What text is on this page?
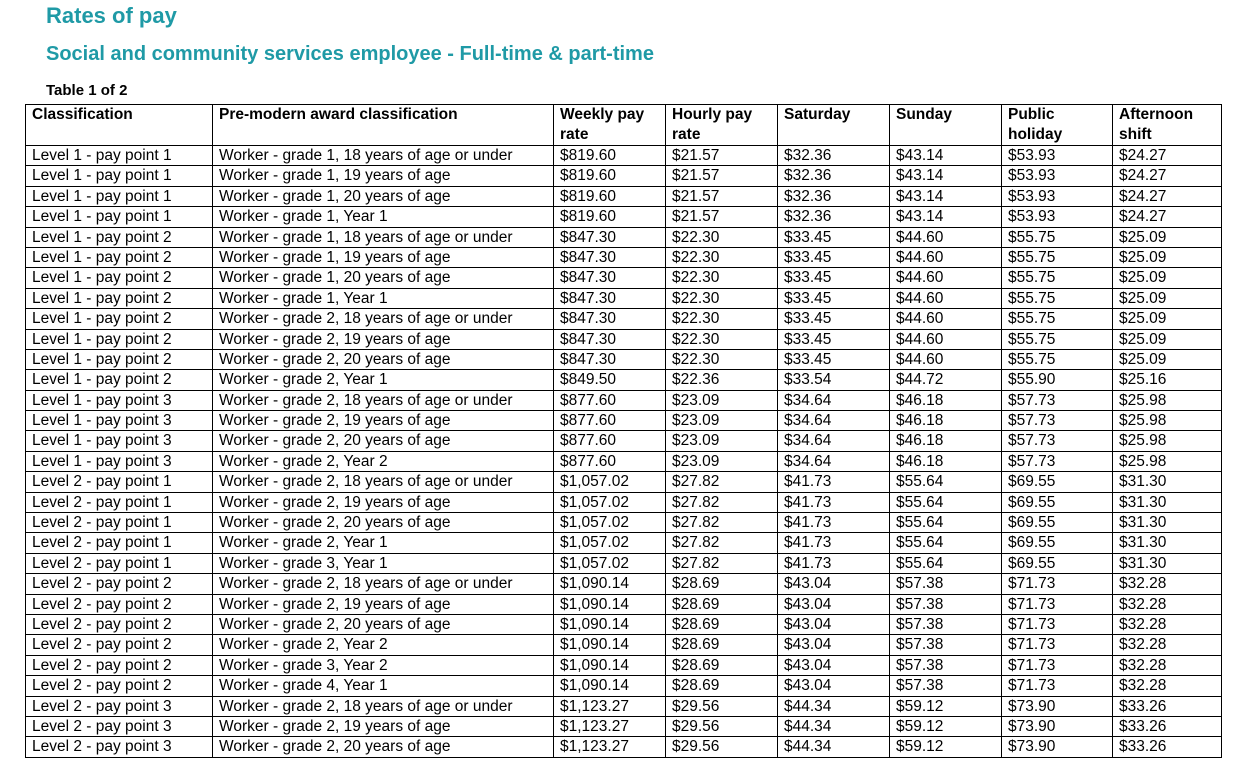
Rates of pay
Social and community services employee - Full-time & part-time
Table 1 of 2
Classification	Pre-modern award classification	Weekly pay rate	Hourly pay rate	Saturday	Sunday	Public holiday	Afternoon shift
Level 1 - pay point 1	Worker - grade 1, 18 years of age or under	$819.60	$21.57	$32.36	$43.14	$53.93	$24.27
Level 1 - pay point 1	Worker - grade 1, 19 years of age	$819.60	$21.57	$32.36	$43.14	$53.93	$24.27
Level 1 - pay point 1	Worker - grade 1, 20 years of age	$819.60	$21.57	$32.36	$43.14	$53.93	$24.27
Level 1 - pay point 1	Worker - grade 1, Year 1	$819.60	$21.57	$32.36	$43.14	$53.93	$24.27
Level 1 - pay point 2	Worker - grade 1, 18 years of age or under	$847.30	$22.30	$33.45	$44.60	$55.75	$25.09
Level 1 - pay point 2	Worker - grade 1, 19 years of age	$847.30	$22.30	$33.45	$44.60	$55.75	$25.09
Level 1 - pay point 2	Worker - grade 1, 20 years of age	$847.30	$22.30	$33.45	$44.60	$55.75	$25.09
Level 1 - pay point 2	Worker - grade 1, Year 1	$847.30	$22.30	$33.45	$44.60	$55.75	$25.09
Level 1 - pay point 2	Worker - grade 2, 18 years of age or under	$847.30	$22.30	$33.45	$44.60	$55.75	$25.09
Level 1 - pay point 2	Worker - grade 2, 19 years of age	$847.30	$22.30	$33.45	$44.60	$55.75	$25.09
Level 1 - pay point 2	Worker - grade 2, 20 years of age	$847.30	$22.30	$33.45	$44.60	$55.75	$25.09
Level 1 - pay point 2	Worker - grade 2, Year 1	$849.50	$22.36	$33.54	$44.72	$55.90	$25.16
Level 1 - pay point 3	Worker - grade 2, 18 years of age or under	$877.60	$23.09	$34.64	$46.18	$57.73	$25.98
Level 1 - pay point 3	Worker - grade 2, 19 years of age	$877.60	$23.09	$34.64	$46.18	$57.73	$25.98
Level 1 - pay point 3	Worker - grade 2, 20 years of age	$877.60	$23.09	$34.64	$46.18	$57.73	$25.98
Level 1 - pay point 3	Worker - grade 2, Year 2	$877.60	$23.09	$34.64	$46.18	$57.73	$25.98
Level 2 - pay point 1	Worker - grade 2, 18 years of age or under	$1,057.02	$27.82	$41.73	$55.64	$69.55	$31.30
Level 2 - pay point 1	Worker - grade 2, 19 years of age	$1,057.02	$27.82	$41.73	$55.64	$69.55	$31.30
Level 2 - pay point 1	Worker - grade 2, 20 years of age	$1,057.02	$27.82	$41.73	$55.64	$69.55	$31.30
Level 2 - pay point 1	Worker - grade 2, Year 1	$1,057.02	$27.82	$41.73	$55.64	$69.55	$31.30
Level 2 - pay point 1	Worker - grade 3, Year 1	$1,057.02	$27.82	$41.73	$55.64	$69.55	$31.30
Level 2 - pay point 2	Worker - grade 2, 18 years of age or under	$1,090.14	$28.69	$43.04	$57.38	$71.73	$32.28
Level 2 - pay point 2	Worker - grade 2, 19 years of age	$1,090.14	$28.69	$43.04	$57.38	$71.73	$32.28
Level 2 - pay point 2	Worker - grade 2, 20 years of age	$1,090.14	$28.69	$43.04	$57.38	$71.73	$32.28
Level 2 - pay point 2	Worker - grade 2, Year 2	$1,090.14	$28.69	$43.04	$57.38	$71.73	$32.28
Level 2 - pay point 2	Worker - grade 3, Year 2	$1,090.14	$28.69	$43.04	$57.38	$71.73	$32.28
Level 2 - pay point 2	Worker - grade 4, Year 1	$1,090.14	$28.69	$43.04	$57.38	$71.73	$32.28
Level 2 - pay point 3	Worker - grade 2, 18 years of age or under	$1,123.27	$29.56	$44.34	$59.12	$73.90	$33.26
Level 2 - pay point 3	Worker - grade 2, 19 years of age	$1,123.27	$29.56	$44.34	$59.12	$73.90	$33.26
Level 2 - pay point 3	Worker - grade 2, 20 years of age	$1,123.27	$29.56	$44.34	$59.12	$73.90	$33.26
